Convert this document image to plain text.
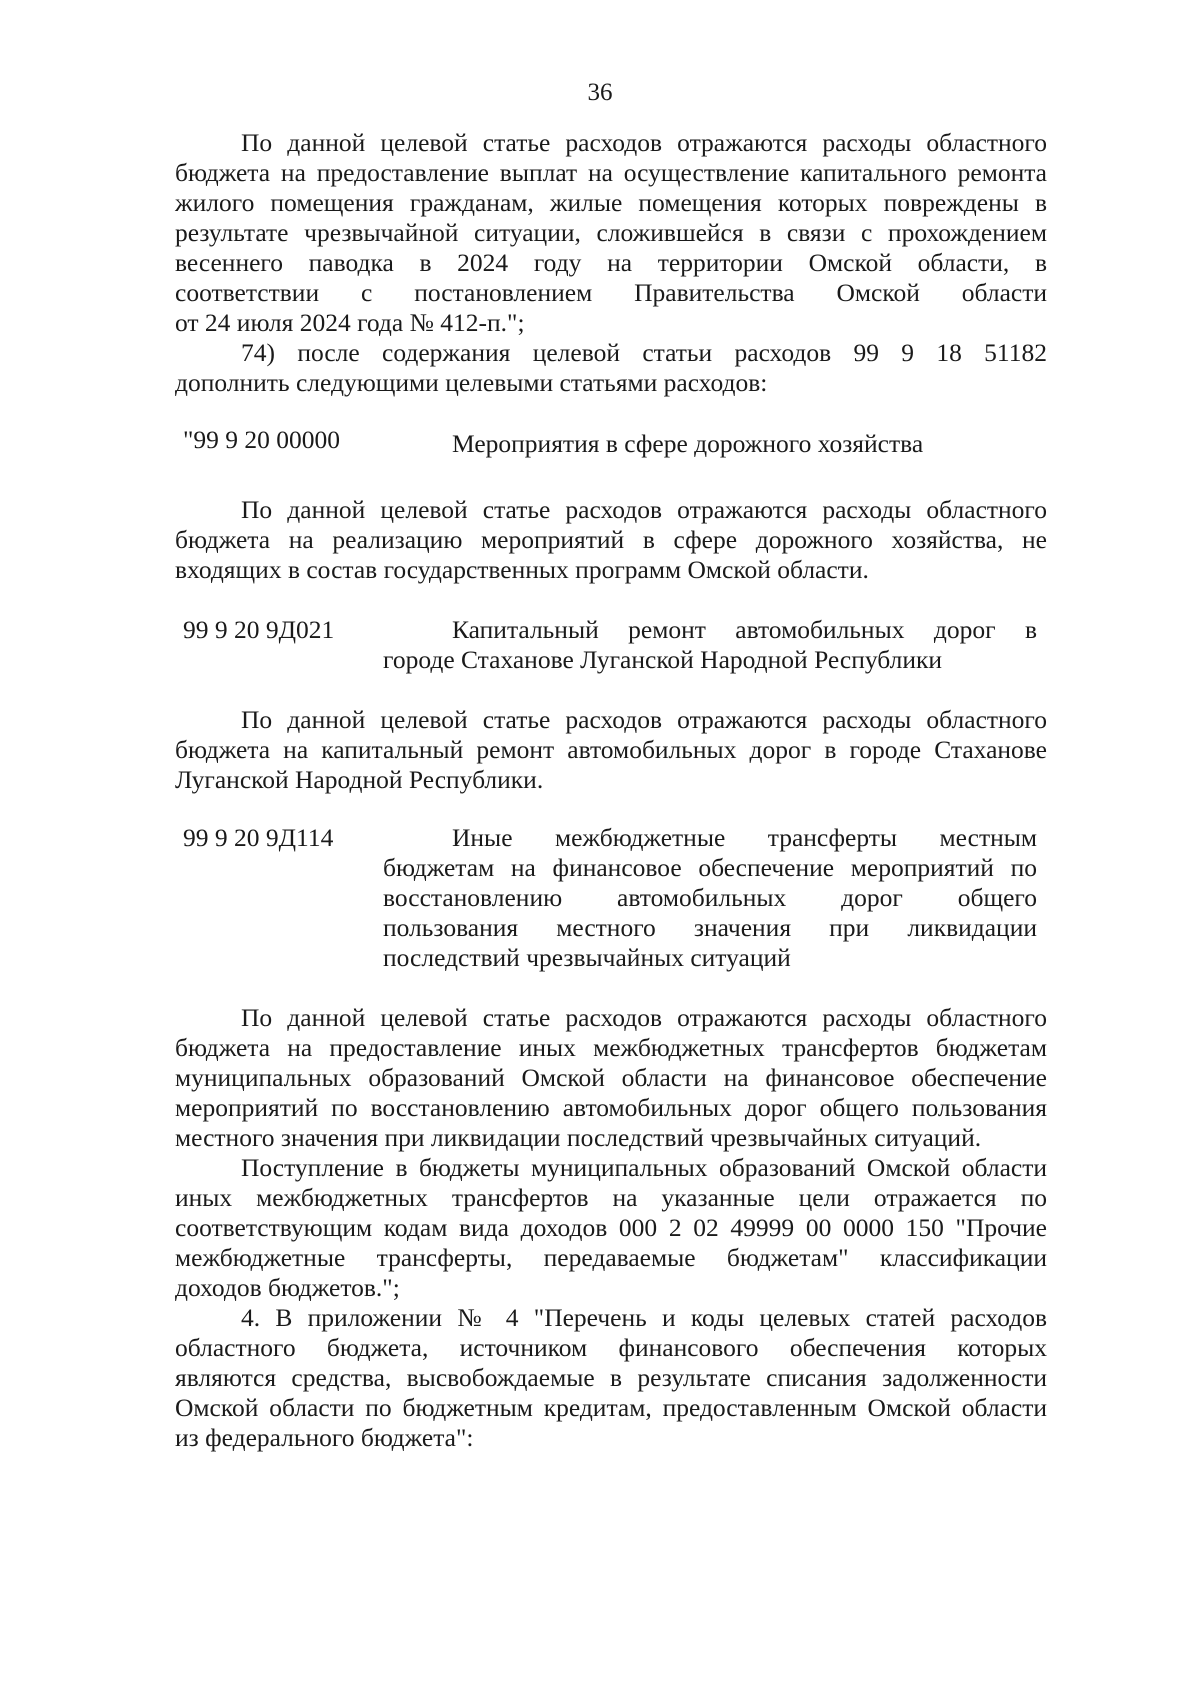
36
По данной целевой статье расходов отражаются расходы областного
бюджета на предоставление выплат на осуществление капитального ремонта
жилого помещения гражданам, жилые помещения которых повреждены в
результате чрезвычайной ситуации, сложившейся в связи с прохождением
весеннего паводка в 2024 году на территории Омской области, в
соответствии с постановлением Правительства Омской области
от 24 июля 2024 года № 412-п.";
74) после содержания целевой статьи расходов 99 9 18 51182
дополнить следующими целевыми статьями расходов:
"99 9 20 00000	Мероприятия в сфере дорожного хозяйства
По данной целевой статье расходов отражаются расходы областного
бюджета на реализацию мероприятий в сфере дорожного хозяйства, не
входящих в состав государственных программ Омской области.
99 9 20 9Д021	Капитальный ремонт автомобильных дорог в
городе Стаханове Луганской Народной Республики
По данной целевой статье расходов отражаются расходы областного
бюджета на капитальный ремонт автомобильных дорог в городе Стаханове
Луганской Народной Республики.
99 9 20 9Д114	Иные межбюджетные трансферты местным
бюджетам на финансовое обеспечение мероприятий по
восстановлению автомобильных дорог общего
пользования местного значения при ликвидации
последствий чрезвычайных ситуаций
По данной целевой статье расходов отражаются расходы областного
бюджета на предоставление иных межбюджетных трансфертов бюджетам
муниципальных образований Омской области на финансовое обеспечение
мероприятий по восстановлению автомобильных дорог общего пользования
местного значения при ликвидации последствий чрезвычайных ситуаций.
Поступление в бюджеты муниципальных образований Омской области
иных межбюджетных трансфертов на указанные цели отражается по
соответствующим кодам вида доходов 000 2 02 49999 00 0000 150 "Прочие
межбюджетные трансферты, передаваемые бюджетам" классификации
доходов бюджетов.";
4. В приложении № 4 "Перечень и коды целевых статей расходов
областного бюджета, источником финансового обеспечения которых
являются средства, высвобождаемые в результате списания задолженности
Омской области по бюджетным кредитам, предоставленным Омской области
из федерального бюджета":
